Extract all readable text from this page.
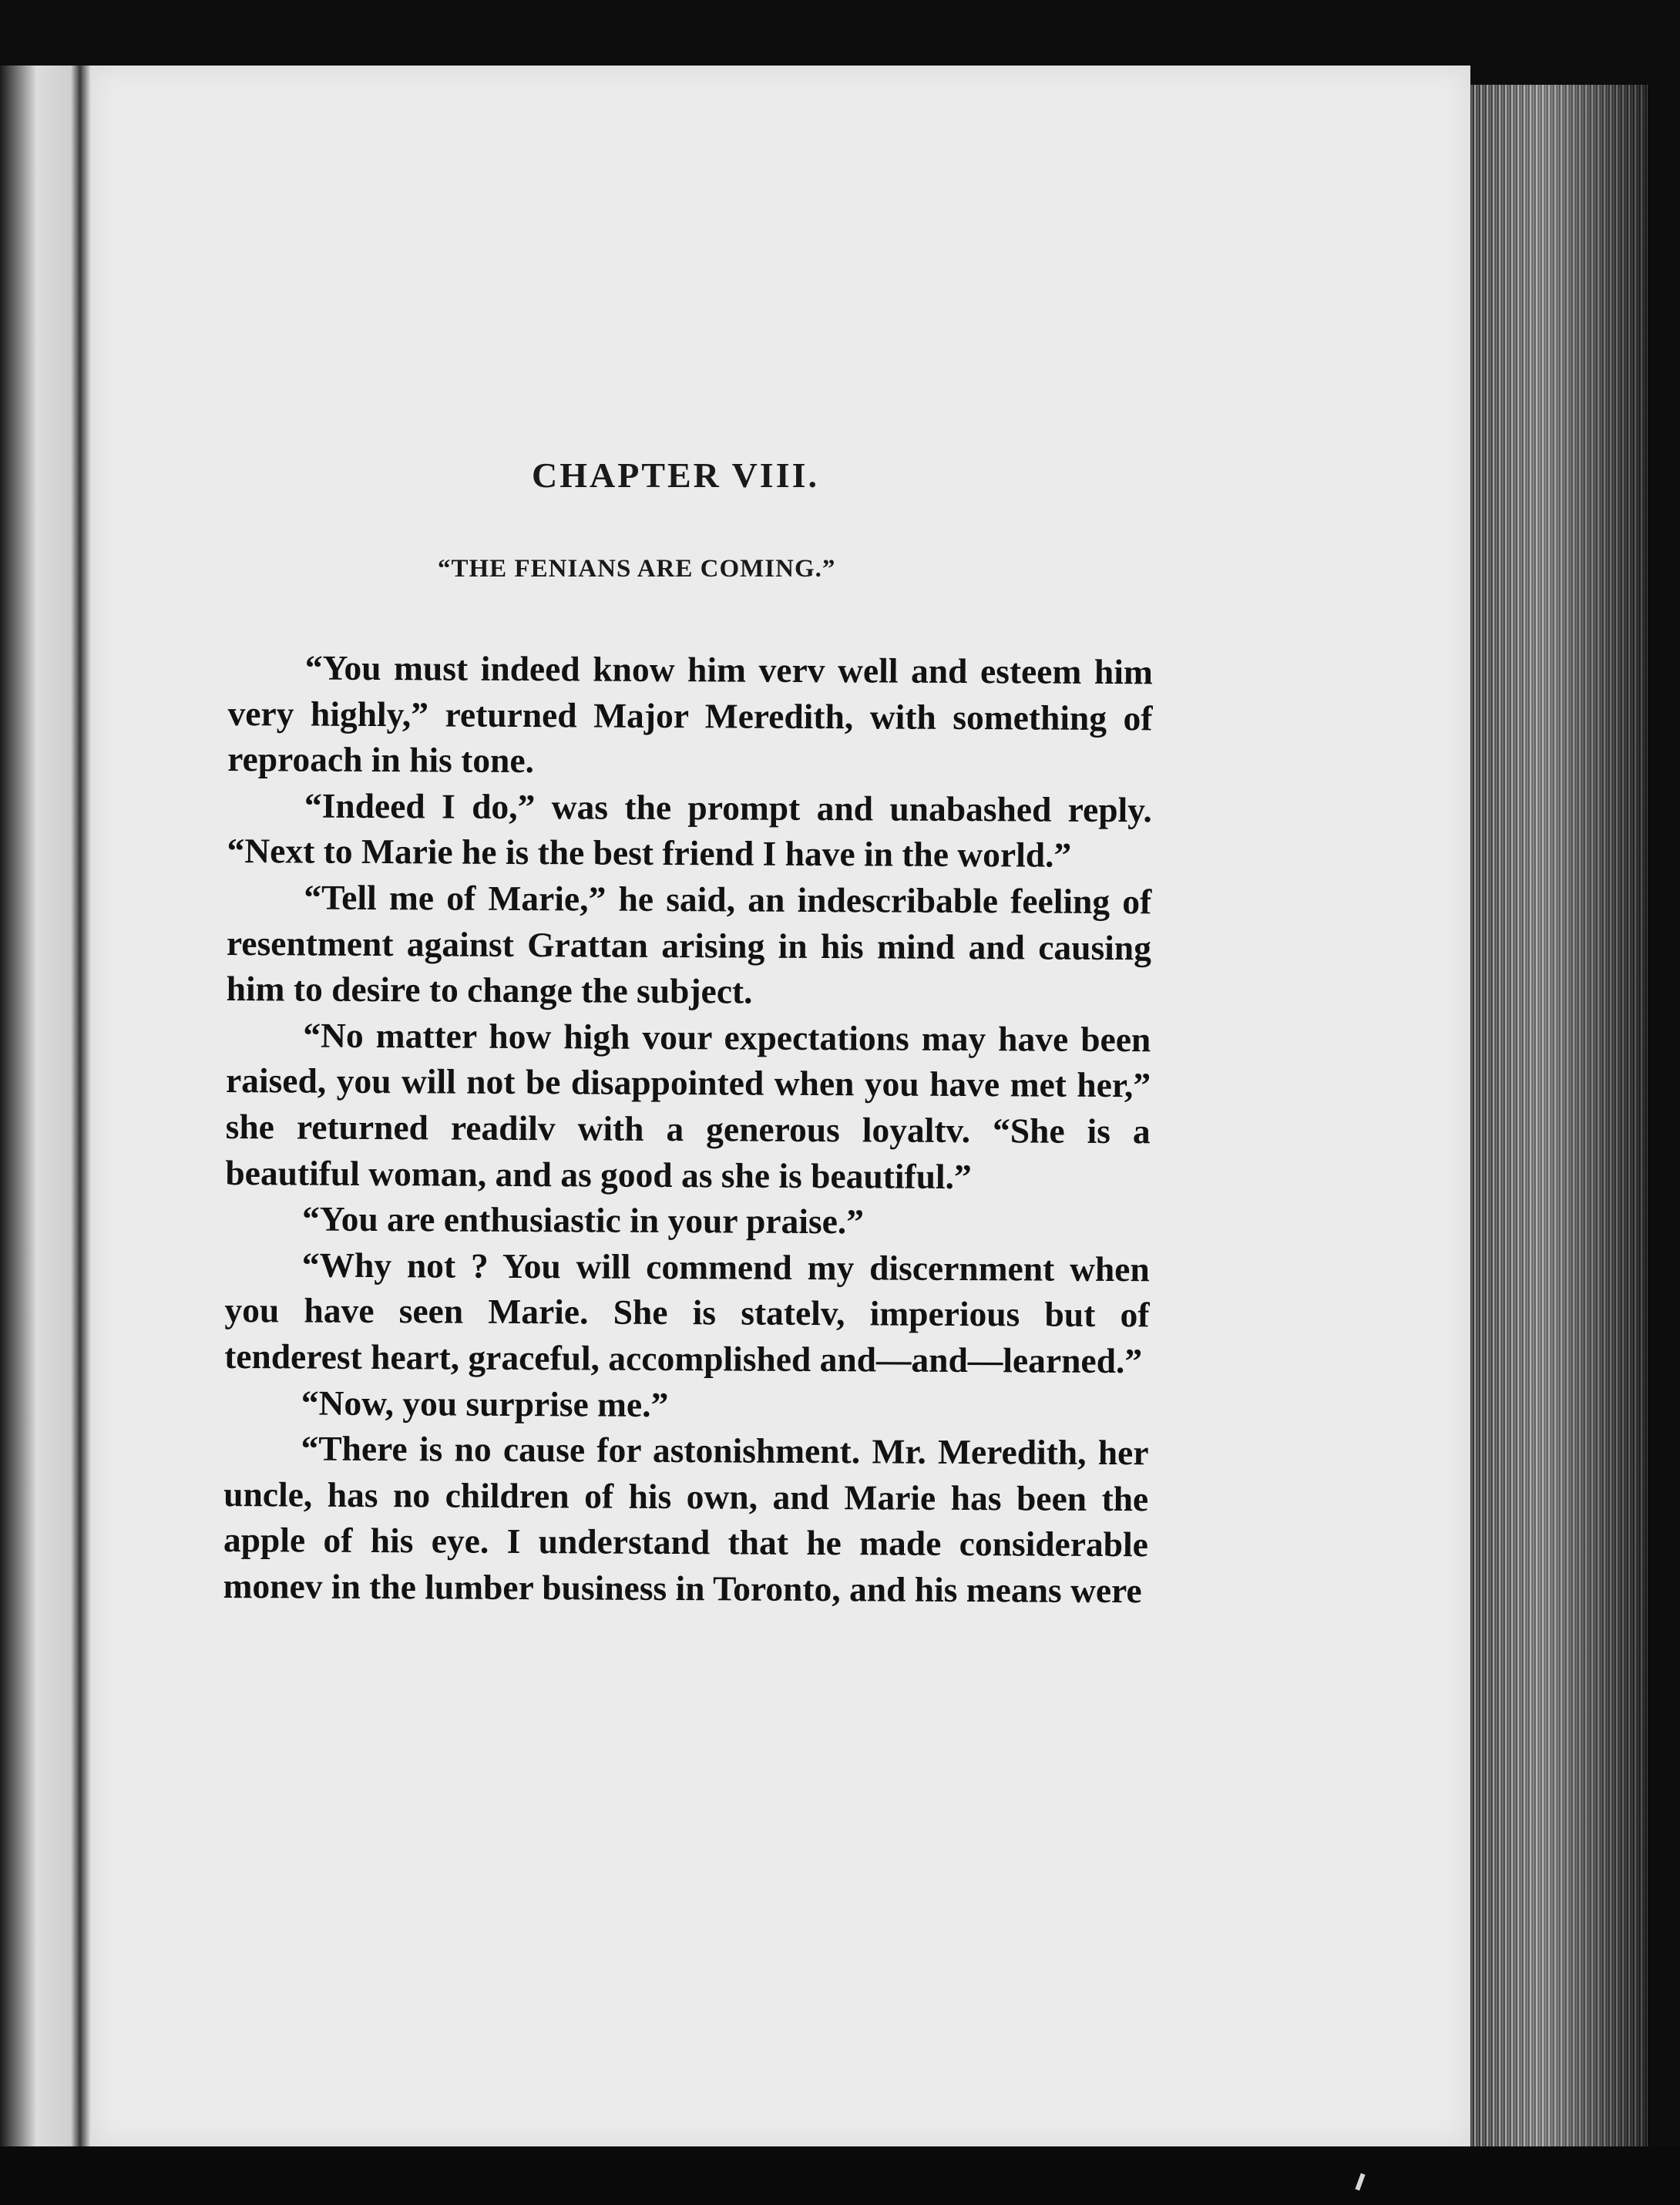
CHAPTER VIII.
“THE FENIANS ARE COMING.”

“You must indeed know him verv well and esteem him very highly,” returned Major Meredith, with something of reproach in his tone.

“Indeed I do,” was the prompt and unabashed reply. “Next to Marie he is the best friend I have in the world.”

“Tell me of Marie,” he said, an indescribable feeling of resentment against Grattan arising in his mind and causing him to desire to change the subject.

“No matter how high vour expectations may have been raised, you will not be disappointed when you have met her,” she returned readilv with a generous loyaltv. “She is a beautiful woman, and as good as she is beautiful.”

“You are enthusiastic in your praise.”

“Why not ? You will commend my discernment when you have seen Marie. She is statelv, imperious but of tenderest heart, graceful, accomplished and—and—learned.”

“Now, you surprise me.”

“There is no cause for astonishment. Mr. Meredith, her uncle, has no children of his own, and Marie has been the apple of his eye. I understand that he made considerable monev in the lumber business in Toronto, and his means were
